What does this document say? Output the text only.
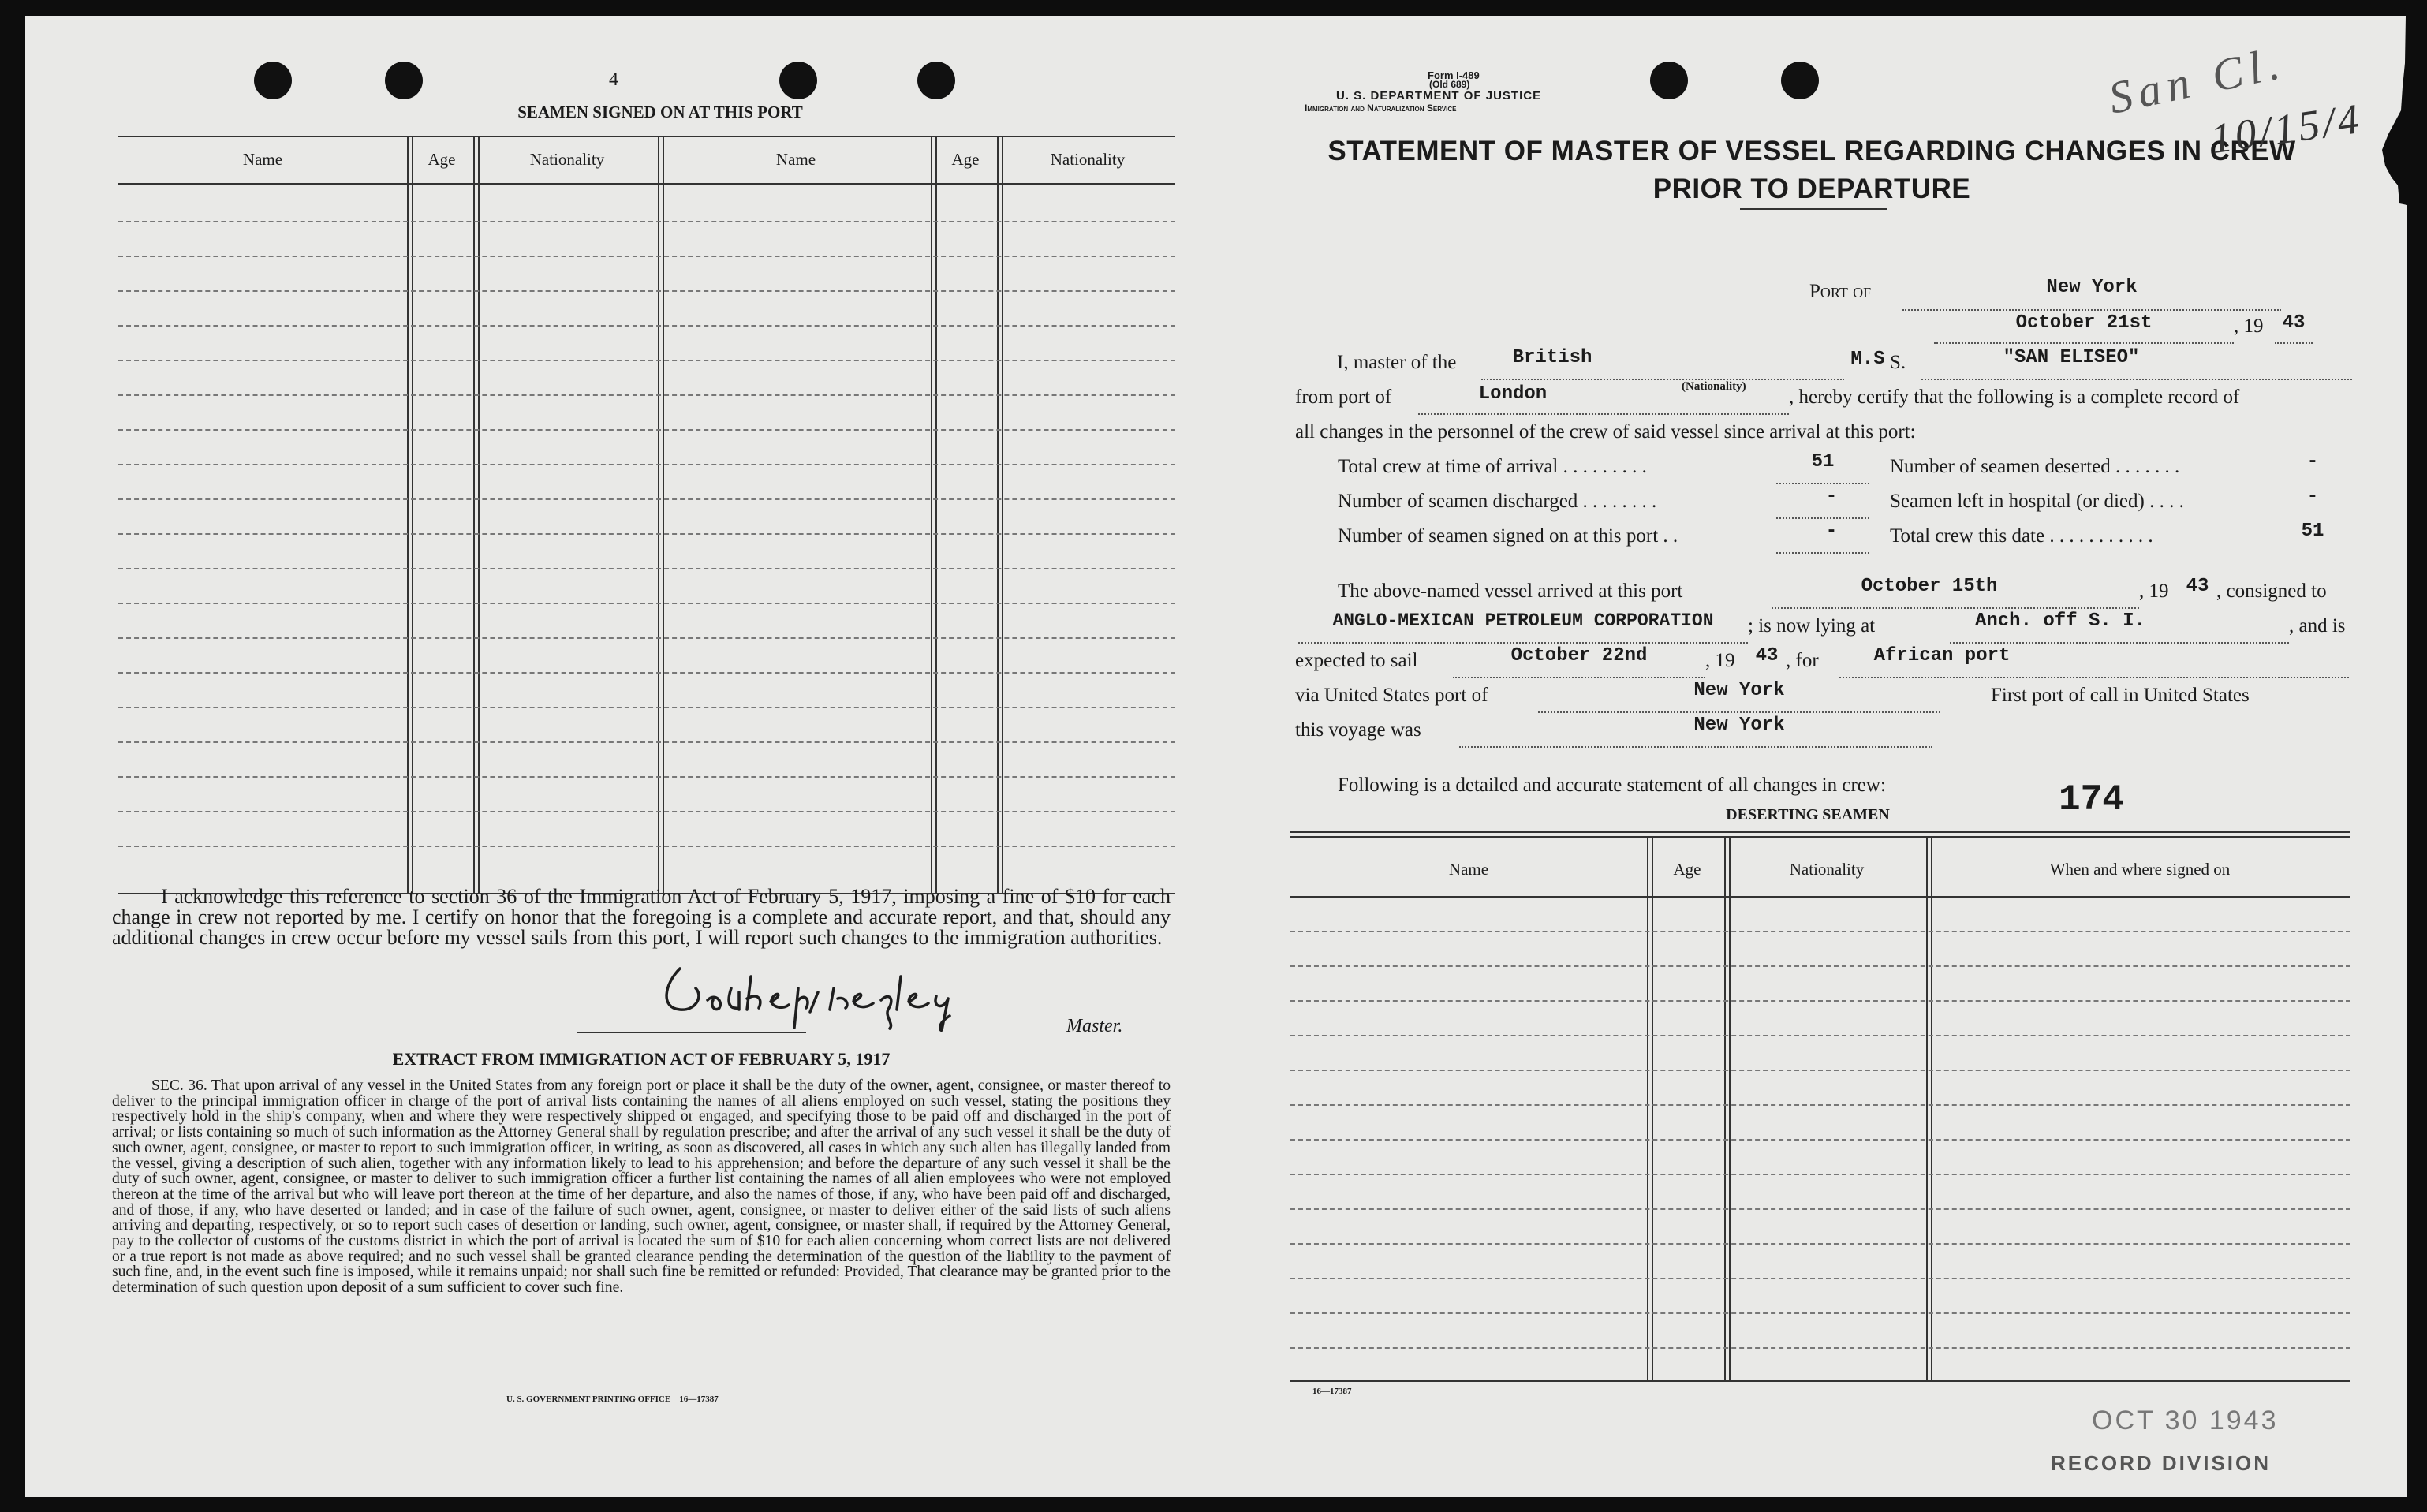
4
SEAMEN SIGNED ON AT THIS PORT
Name	Age	Nationality	Name	Age	Nationality
I acknowledge this reference to section 36 of the Immigration Act of February 5, 1917, imposing a fine of $10 for each change in crew not reported by me. I certify on honor that the foregoing is a complete and accurate report, and that, should any additional changes in crew occur before my vessel sails from this port, I will report such changes to the immigration authorities.
Master.
EXTRACT FROM IMMIGRATION ACT OF FEBRUARY 5, 1917
SEC. 36. That upon arrival of any vessel in the United States from any foreign port or place it shall be the duty of the owner, agent, consignee, or master thereof to deliver to the principal immigration officer in charge of the port of arrival lists containing the names of all aliens employed on such vessel, stating the positions they respectively hold in the ship's company, when and where they were respectively shipped or engaged, and specifying those to be paid off and discharged in the port of arrival; or lists containing so much of such information as the Attorney General shall by regulation prescribe; and after the arrival of any such vessel it shall be the duty of such owner, agent, consignee, or master to report to such immigration officer, in writing, as soon as discovered, all cases in which any such alien has illegally landed from the vessel, giving a description of such alien, together with any information likely to lead to his apprehension; and before the departure of any such vessel it shall be the duty of such owner, agent, consignee, or master to deliver to such immigration officer a further list containing the names of all alien employees who were not employed thereon at the time of the arrival but who will leave port thereon at the time of her departure, and also the names of those, if any, who have been paid off and discharged, and of those, if any, who have deserted or landed; and in case of the failure of such owner, agent, consignee, or master to deliver either of the said lists of such aliens arriving and departing, respectively, or so to report such cases of desertion or landing, such owner, agent, consignee, or master shall, if required by the Attorney General, pay to the collector of customs of the customs district in which the port of arrival is located the sum of $10 for each alien concerning whom correct lists are not delivered or a true report is not made as above required; and no such vessel shall be granted clearance pending the determination of the question of the liability to the payment of such fine, and, in the event such fine is imposed, while it remains unpaid; nor shall such fine be remitted or refunded: Provided, That clearance may be granted prior to the determination of such question upon deposit of a sum sufficient to cover such fine.
U. S. GOVERNMENT PRINTING OFFICE    16—17387
Form I-489
(Old 689)
U. S. DEPARTMENT OF JUSTICE
Immigration and Naturalization Service
STATEMENT OF MASTER OF VESSEL REGARDING CHANGES IN CREW
PRIOR TO DEPARTURE
San Cl.
10/15/4
Port of	New York
October 21st	, 19	43
I, master of the	British
(Nationality)
M.S S.	"SAN ELISEO"
from port of	London	, hereby certify that the following is a complete record of
all changes in the personnel of the crew of said vessel since arrival at this port:
Total crew at time of arrival . . . . . . . . .	51	Number of seamen deserted . . . . . . .	-
Number of seamen discharged . . . . . . . .	-	Seamen left in hospital (or died) . . . .	-
Number of seamen signed on at this port . .	-	Total crew this date . . . . . . . . . . .	51
The above-named vessel arrived at this port	October 15th	, 19 43 , consigned to
ANGLO-MEXICAN PETROLEUM CORPORATION	; is now lying at	Anch. off S. I.	, and is
expected to sail	October 22nd	, 19	43 , for	African port
via United States port of	New York	First port of call in United States
this voyage was	New York
Following is a detailed and accurate statement of all changes in crew:
DESERTING SEAMEN	174
Name	Age	Nationality	When and where signed on
16—17387
OCT 30 1943
RECORD DIVISION
